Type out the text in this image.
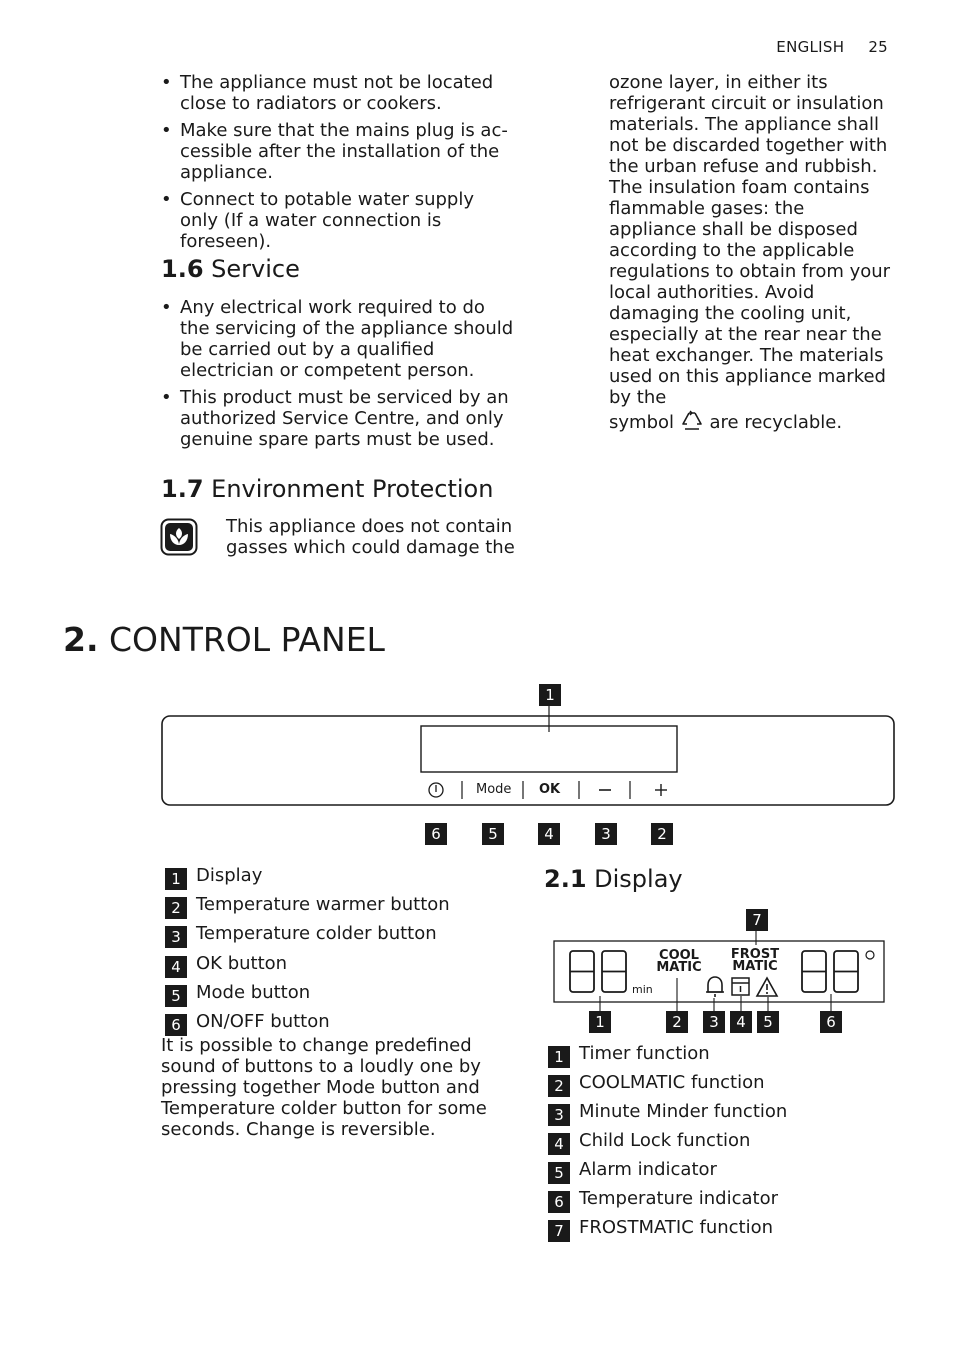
ENGLISH 25
• The appliance must not be located close to radiators or cookers.
• Make sure that the mains plug is accessible after the installation of the appliance.
• Connect to potable water supply only (If a water connection is foreseen).
1.6 Service
• Any electrical work required to do the servicing of the appliance should be carried out by a qualified electrician or competent person.
• This product must be serviced by an authorized Service Centre, and only genuine spare parts must be used.
1.7 Environment Protection
This appliance does not contain gasses which could damage the
ozone layer, in either its refrigerant circuit or insulation materials. The appliance shall not be discarded together with the urban refuse and rubbish. The insulation foam contains flammable gases: the appliance shall be disposed according to the applicable regulations to obtain from your local authorities. Avoid damaging the cooling unit, especially at the rear near the heat exchanger. The materials used on this appliance marked by the
symbol are recyclable.
2. CONTROL PANEL
Mode OK
1
6	5	4	3	2
1 Display
2 Temperature warmer button
3 Temperature colder button
4 OK button
5 Mode button
6 ON/OFF button
It is possible to change predefined sound of buttons to a loudly one by pressing together Mode button and Temperature colder button for some seconds. Change is reversible.
2.1 Display
COOL
MATIC
FROST
MATIC
min
7
1	2	3	4	5	6
1 Timer function
2 COOLMATIC function
3 Minute Minder function
4 Child Lock function
5 Alarm indicator
6 Temperature indicator
7 FROSTMATIC function
